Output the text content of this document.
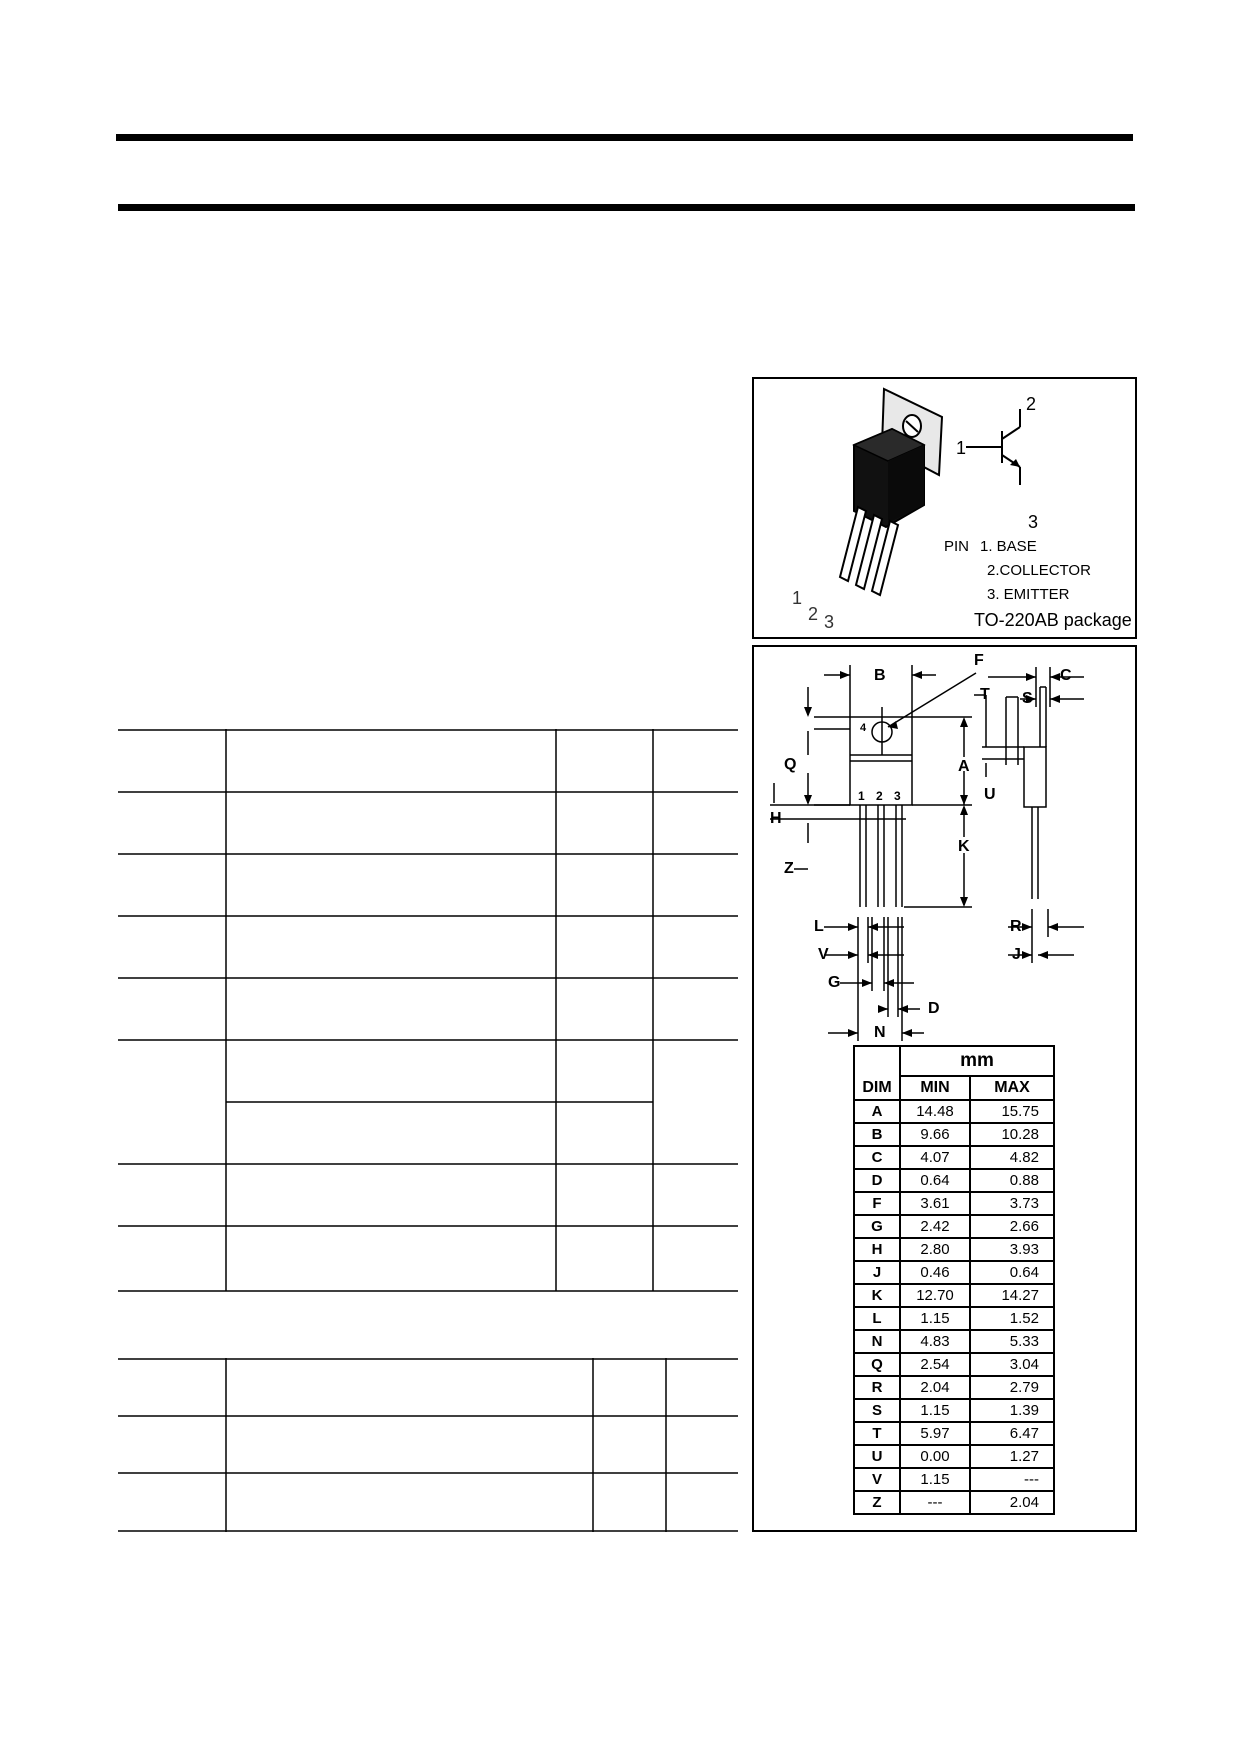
1
2 3
2
1
3
PIN 1. BASE
2.COLLECTOR
3. EMITTER
TO-220AB package
B
F
C
T S
A
Q
U
H
K
Z
L	R
V	J
G
D
N
4
1 2 3
	mm	
DIM	MIN	MAX
A	14.48	15.75
B	9.66	10.28
C	4.07	4.82
D	0.64	0.88
F	3.61	3.73
G	2.42	2.66
H	2.80	3.93
J	0.46	0.64
K	12.70	14.27
L	1.15	1.52
N	4.83	5.33
Q	2.54	3.04
R	2.04	2.79
S	1.15	1.39
T	5.97	6.47
U	0.00	1.27
V	1.15	---
Z	---	2.04
